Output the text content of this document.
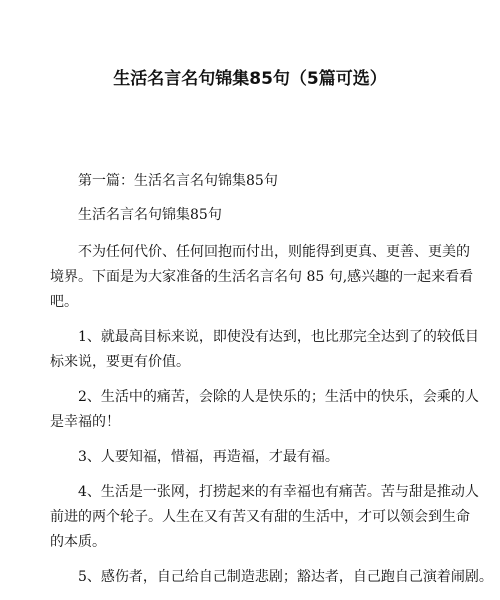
生活名言名句锦集85句（5篇可选）

第一篇：生活名言名句锦集85句

生活名言名句锦集85句

不为任何代价、任何回抱而付出，则能得到更真、更善、更美的
境界。下面是为大家准备的生活名言名句 85 句,感兴趣的一起来看看
吧。

1、就最高目标来说，即使没有达到，也比那完全达到了的较低目
标来说，要更有价值。

2、生活中的痛苦，会除的人是快乐的；生活中的快乐，会乘的人
是幸福的！

3、人要知福，惜福，再造福，才最有福。

4、生活是一张网，打捞起来的有幸福也有痛苦。苦与甜是推动人
前进的两个轮子。人生在又有苦又有甜的生活中，才可以领会到生命
的本质。

5、感伤者，自己给自己制造悲剧；豁达者，自己跑自己演着闹剧。
